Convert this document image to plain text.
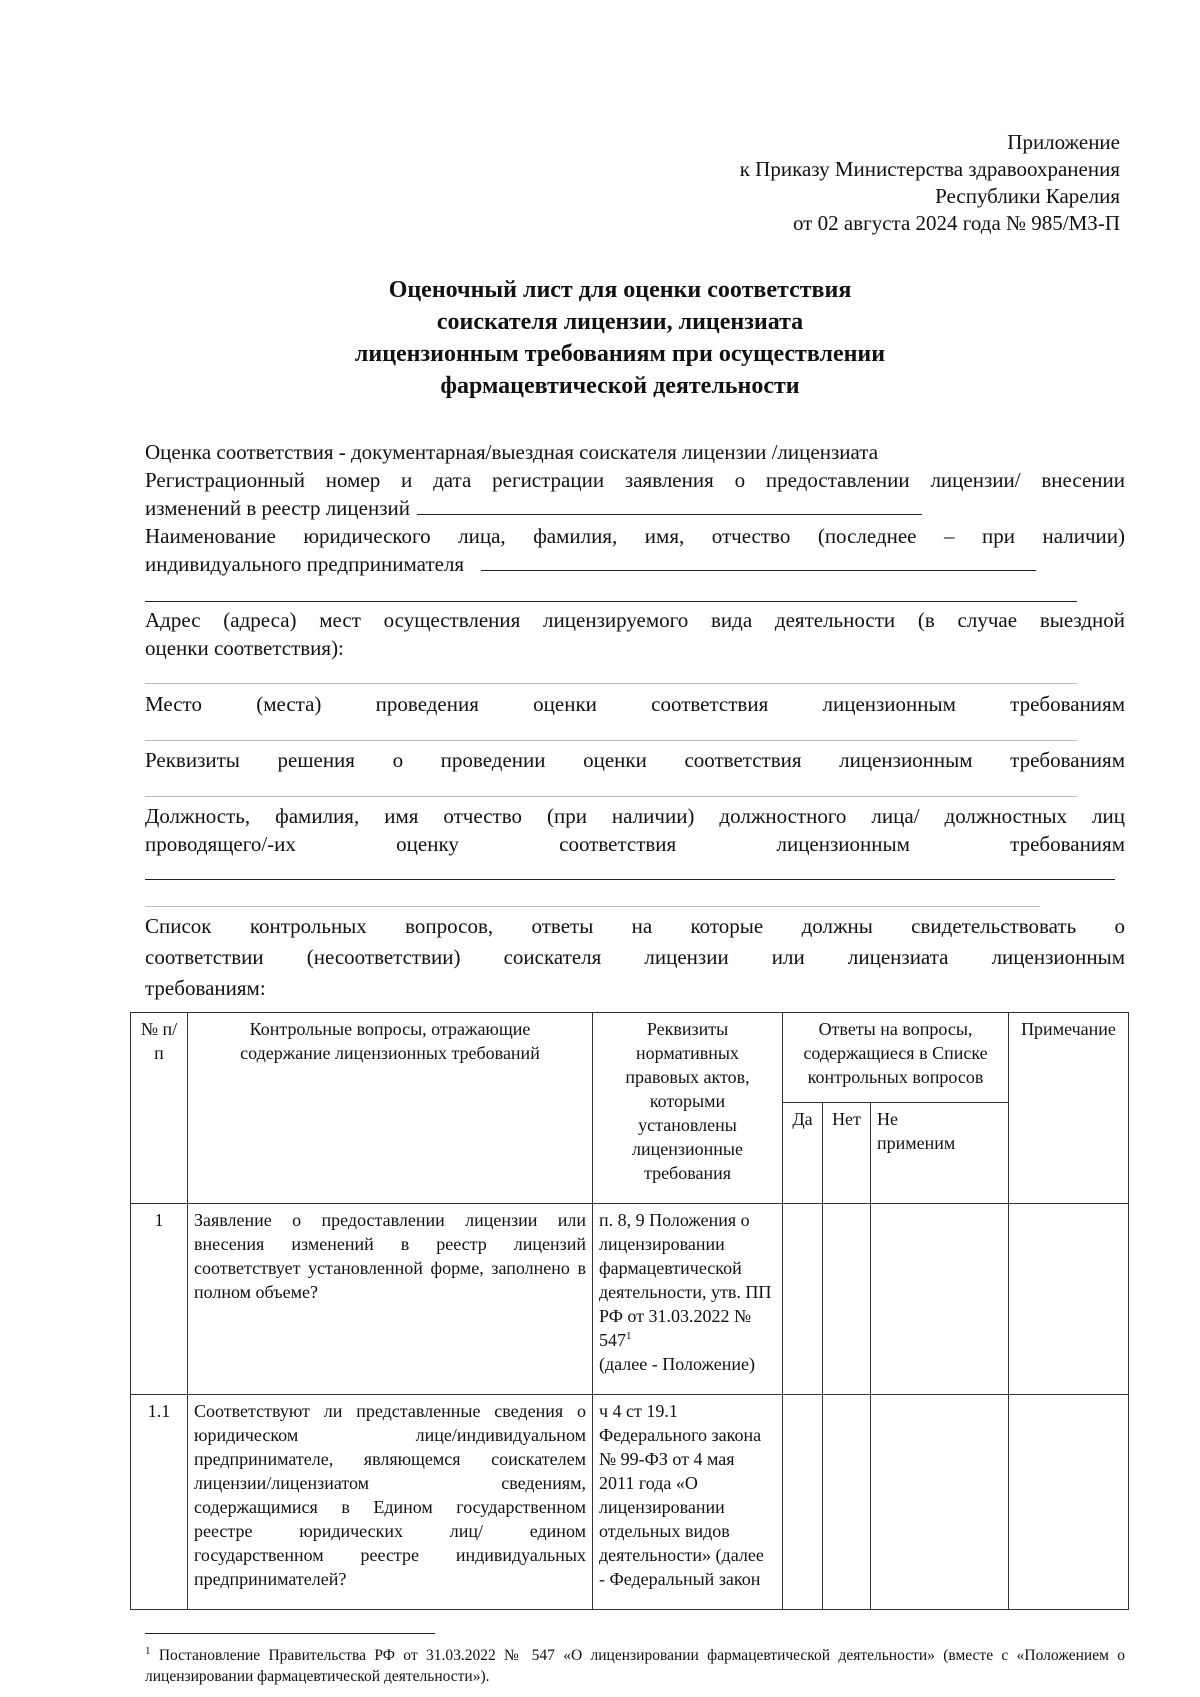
Приложение
к Приказу Министерства здравоохранения
Республики Карелия
от 02 августа 2024 года № 985/МЗ-П
Оценочный лист для оценки соответствия
соискателя лицензии, лицензиата
лицензионным требованиям при осуществлении
фармацевтической деятельности
Оценка соответствия - документарная/выездная соискателя лицензии /лицензиата
Регистрационный номер и дата регистрации заявления о предоставлении лицензии/ внесении
изменений в реестр лицензий
Наименование юридического лица, фамилия, имя, отчество (последнее – при наличии)
индивидуального предпринимателя
Адрес (адреса) мест осуществления лицензируемого вида деятельности (в случае выездной
оценки соответствия):
Место (места) проведения оценки соответствия лицензионным требованиям
Реквизиты решения о проведении оценки соответствия лицензионным требованиям
Должность, фамилия, имя отчество (при наличии) должностного лица/ должностных лиц
проводящего/-их оценку соответствия лицензионным требованиям
Список контрольных вопросов, ответы на которые должны свидетельствовать о
соответствии (несоответствии) соискателя лицензии или лицензиата лицензионным
требованиям:
№ п/п	Контрольные вопросы, отражающие содержание лицензионных требований	Реквизиты нормативных правовых актов, которыми установлены лицензионные требования	Ответы на вопросы, содержащиеся в Списке контрольных вопросов			Примечание
			Да	Нет	Не применим	
1	Заявление о предоставлении лицензии или внесения изменений в реестр лицензий соответствует установленной форме, заполнено в полном объеме?	п. 8, 9 Положения о лицензировании фармацевтической деятельности, утв. ПП РФ от 31.03.2022 № $547^1$
(далее - Положение)				
1.1	Соответствуют ли представленные сведения о юридическом лице/индивидуальном предпринимателе, являющемся соискателем лицензии/лицензиатом сведениям, содержащимися в Едином государственном реестре юридических лиц/ едином государственном реестре индивидуальных предпринимателей?	ч 4 ст 19.1 Федерального закона № 99-ФЗ от 4 мая 2011 года «О лицензировании отдельных видов деятельности» (далее - Федеральный закон				
$^1$ Постановление Правительства РФ от 31.03.2022 № 547 «О лицензировании фармацевтической деятельности» (вместе с «Положением о лицензировании фармацевтической деятельности»).
